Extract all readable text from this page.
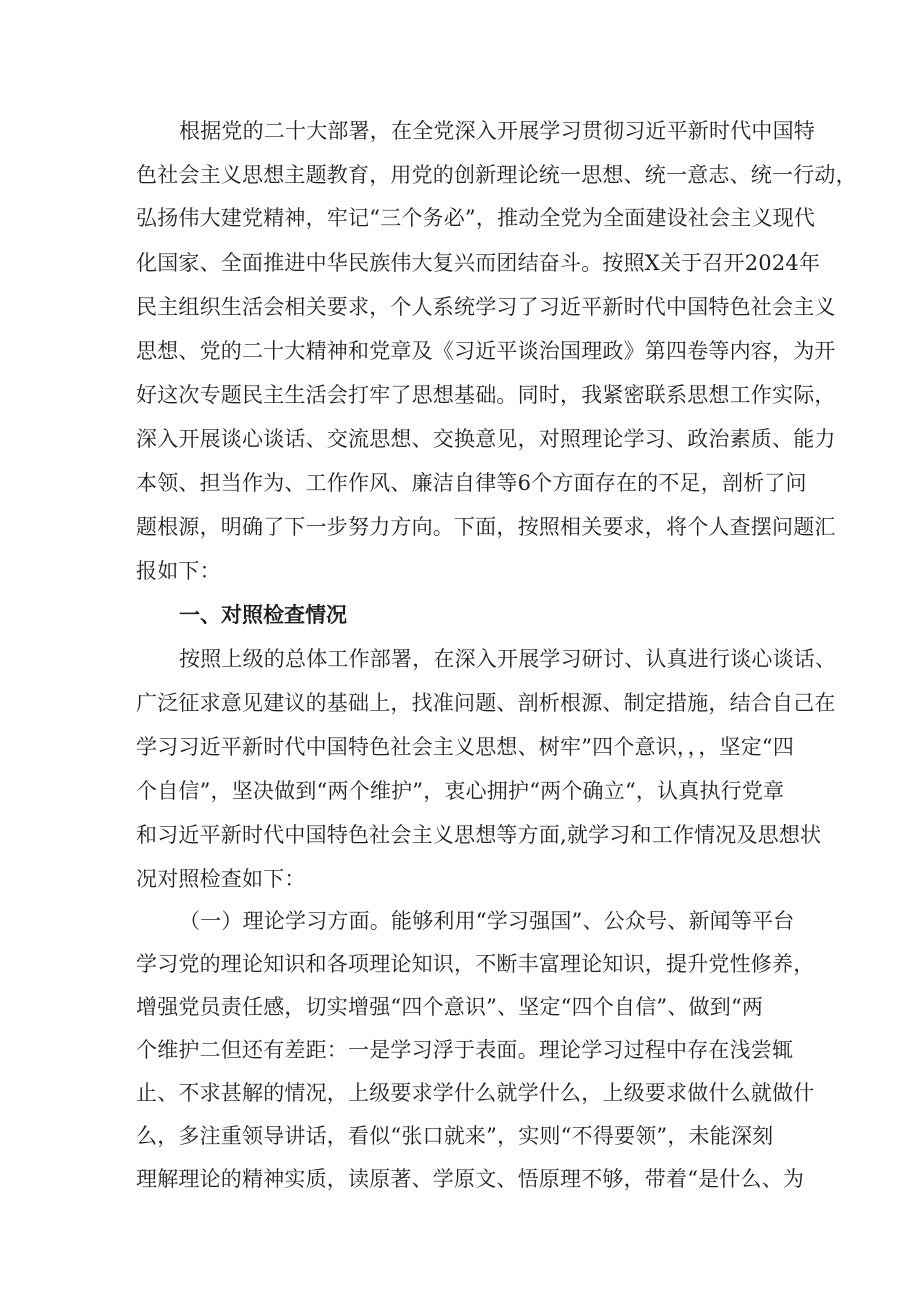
根据党的二十大部署，在全党深入开展学习贯彻习近平新时代中国特
色社会主义思想主题教育，用党的创新理论统一思想、统一意志、统一行动，
弘扬伟大建党精神，牢记“三个务必”，推动全党为全面建设社会主义现代
化国家、全面推进中华民族伟大复兴而团结奋斗。按照X关于召开2024年
民主组织生活会相关要求，个人系统学习了习近平新时代中国特色社会主义
思想、党的二十大精神和党章及《习近平谈治国理政》第四卷等内容，为开
好这次专题民主生活会打牢了思想基础。同时，我紧密联系思想工作实际，
深入开展谈心谈话、交流思想、交换意见，对照理论学习、政治素质、能力
本领、担当作为、工作作风、廉洁自律等6个方面存在的不足，剖析了问
题根源，明确了下一步努力方向。下面，按照相关要求，将个人查摆问题汇
报如下：
一、对照检查情况
按照上级的总体工作部署，在深入开展学习研讨、认真进行谈心谈话、
广泛征求意见建议的基础上，找准问题、剖析根源、制定措施，结合自己在
学习习近平新时代中国特色社会主义思想、树牢”四个意识，，，坚定“四
个自信”，坚决做到“两个维护”，衷心拥护“两个确立“，认真执行党章
和习近平新时代中国特色社会主义思想等方面,就学习和工作情况及思想状
况对照检查如下：
（一）理论学习方面。能够利用“学习强国”、公众号、新闻等平台
学习党的理论知识和各项理论知识，不断丰富理论知识，提升党性修养，
增强党员责任感，切实增强“四个意识”、坚定“四个自信”、做到“两
个维护二但还有差距：一是学习浮于表面。理论学习过程中存在浅尝辄
止、不求甚解的情况，上级要求学什么就学什么，上级要求做什么就做什
么，多注重领导讲话，看似“张口就来”，实则“不得要领”，未能深刻
理解理论的精神实质，读原著、学原文、悟原理不够，带着“是什么、为
